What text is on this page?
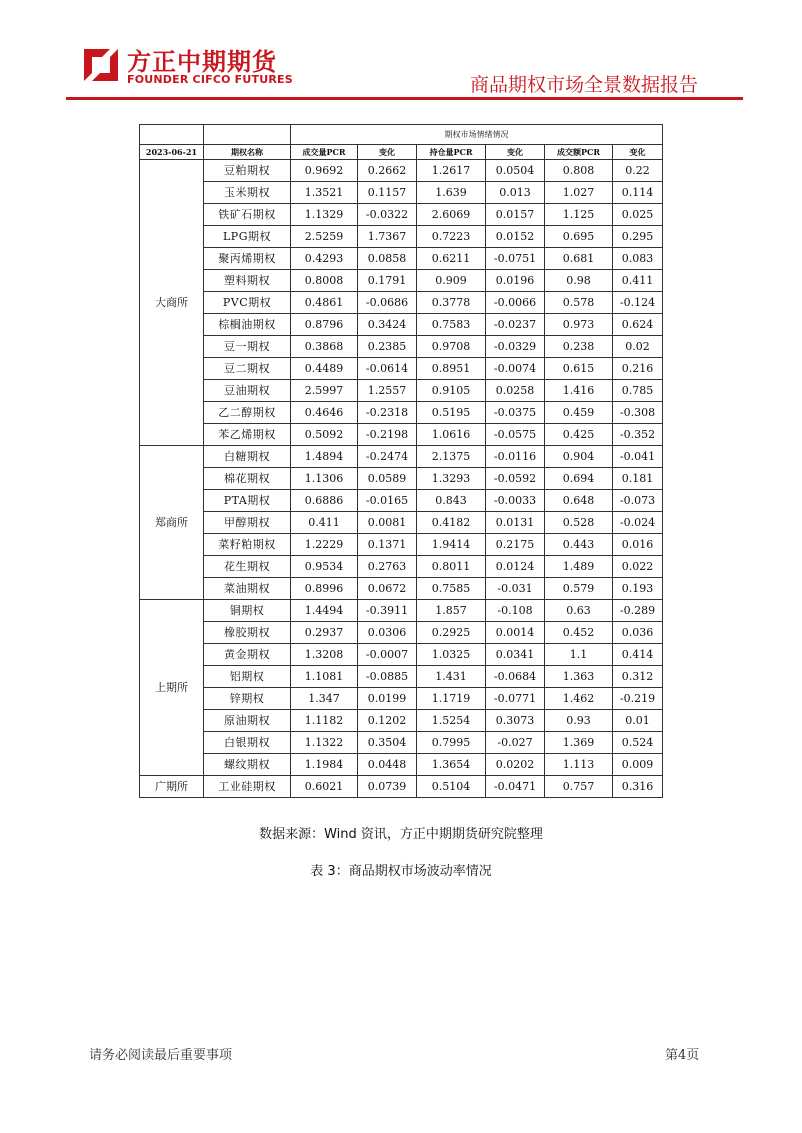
方正中期期货
FOUNDER CIFCO FUTURES	商品期权市场全景数据报告
		期权市场情绪情况					
2023-06-21	期权名称	成交量PCR	变化	持仓量PCR	变化	成交额PCR	变化
大商所	豆粕期权	0.9692	0.2662	1.2617	0.0504	0.808	0.22
	玉米期权	1.3521	0.1157	1.639	0.013	1.027	0.114
	铁矿石期权	1.1329	-0.0322	2.6069	0.0157	1.125	0.025
	LPG期权	2.5259	1.7367	0.7223	0.0152	0.695	0.295
	聚丙烯期权	0.4293	0.0858	0.6211	-0.0751	0.681	0.083
	塑料期权	0.8008	0.1791	0.909	0.0196	0.98	0.411
	PVC期权	0.4861	-0.0686	0.3778	-0.0066	0.578	-0.124
	棕榈油期权	0.8796	0.3424	0.7583	-0.0237	0.973	0.624
	豆一期权	0.3868	0.2385	0.9708	-0.0329	0.238	0.02
	豆二期权	0.4489	-0.0614	0.8951	-0.0074	0.615	0.216
	豆油期权	2.5997	1.2557	0.9105	0.0258	1.416	0.785
	乙二醇期权	0.4646	-0.2318	0.5195	-0.0375	0.459	-0.308
	苯乙烯期权	0.5092	-0.2198	1.0616	-0.0575	0.425	-0.352
郑商所	白糖期权	1.4894	-0.2474	2.1375	-0.0116	0.904	-0.041
	棉花期权	1.1306	0.0589	1.3293	-0.0592	0.694	0.181
	PTA期权	0.6886	-0.0165	0.843	-0.0033	0.648	-0.073
	甲醇期权	0.411	0.0081	0.4182	0.0131	0.528	-0.024
	菜籽粕期权	1.2229	0.1371	1.9414	0.2175	0.443	0.016
	花生期权	0.9534	0.2763	0.8011	0.0124	1.489	0.022
	菜油期权	0.8996	0.0672	0.7585	-0.031	0.579	0.193
上期所	铜期权	1.4494	-0.3911	1.857	-0.108	0.63	-0.289
	橡胶期权	0.2937	0.0306	0.2925	0.0014	0.452	0.036
	黄金期权	1.3208	-0.0007	1.0325	0.0341	1.1	0.414
	铝期权	1.1081	-0.0885	1.431	-0.0684	1.363	0.312
	锌期权	1.347	0.0199	1.1719	-0.0771	1.462	-0.219
	原油期权	1.1182	0.1202	1.5254	0.3073	0.93	0.01
	白银期权	1.1322	0.3504	0.7995	-0.027	1.369	0.524
	螺纹期权	1.1984	0.0448	1.3654	0.0202	1.113	0.009
广期所	工业硅期权	0.6021	0.0739	0.5104	-0.0471	0.757	0.316
数据来源：Wind 资讯，方正中期期货研究院整理
表 3：商品期权市场波动率情况
请务必阅读最后重要事项	第4页
